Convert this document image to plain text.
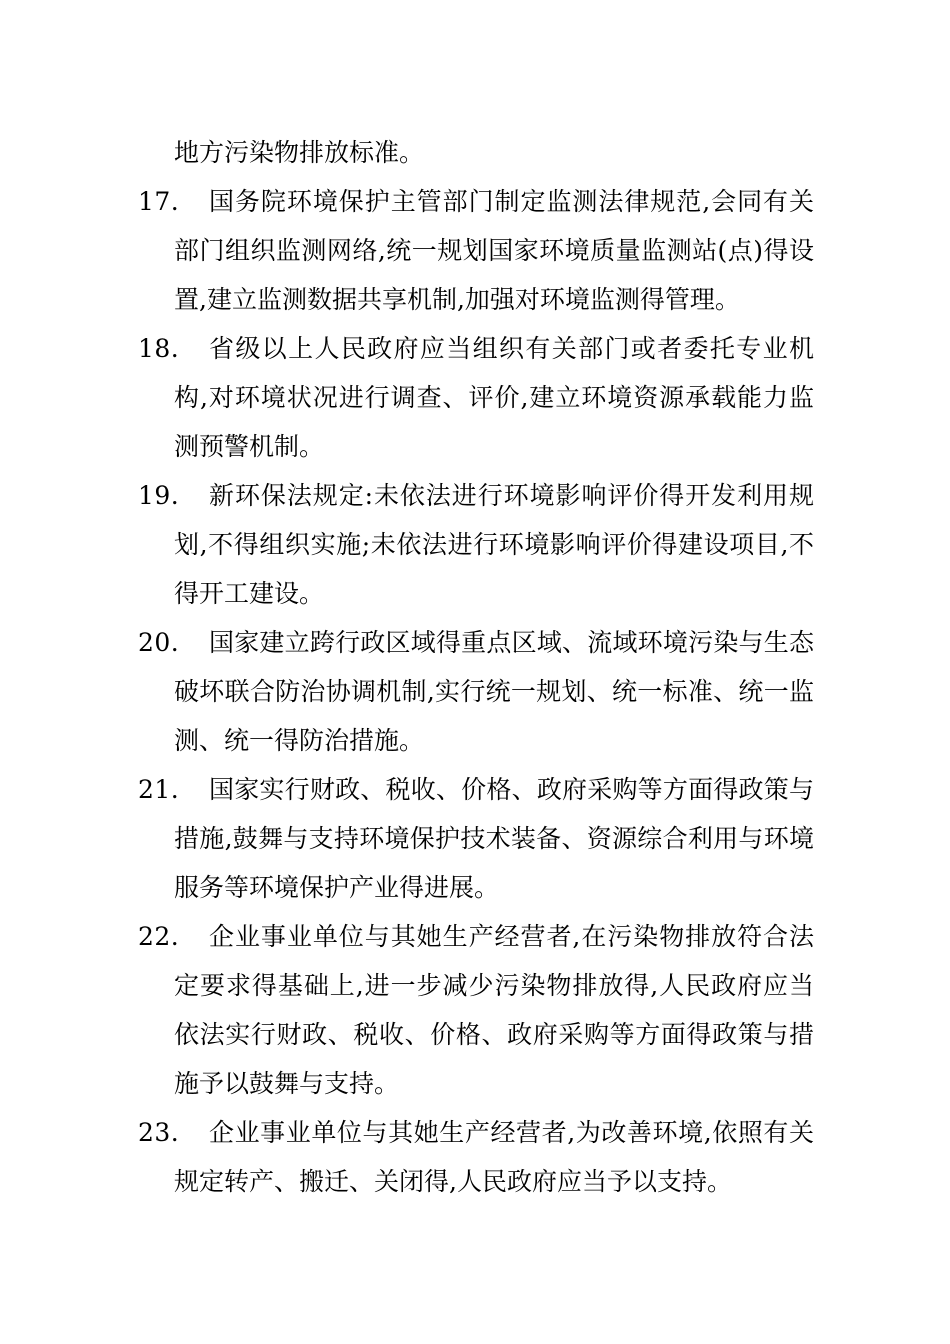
地方污染物排放标准。
17.	国务院环境保护主管部门制定监测法律规范,会同有关部门组织监测网络,统一规划国家环境质量监测站(点)得设置,建立监测数据共享机制,加强对环境监测得管理。
18.	省级以上人民政府应当组织有关部门或者委托专业机构,对环境状况进行调查、评价,建立环境资源承载能力监测预警机制。
19.	新环保法规定:未依法进行环境影响评价得开发利用规划,不得组织实施;未依法进行环境影响评价得建设项目,不得开工建设。
20.	国家建立跨行政区域得重点区域、流域环境污染与生态破坏联合防治协调机制,实行统一规划、统一标准、统一监测、统一得防治措施。
21.	国家实行财政、税收、价格、政府采购等方面得政策与措施,鼓舞与支持环境保护技术装备、资源综合利用与环境服务等环境保护产业得进展。
22.	企业事业单位与其她生产经营者,在污染物排放符合法定要求得基础上,进一步减少污染物排放得,人民政府应当依法实行财政、税收、价格、政府采购等方面得政策与措施予以鼓舞与支持。
23.	企业事业单位与其她生产经营者,为改善环境,依照有关规定转产、搬迁、关闭得,人民政府应当予以支持。
